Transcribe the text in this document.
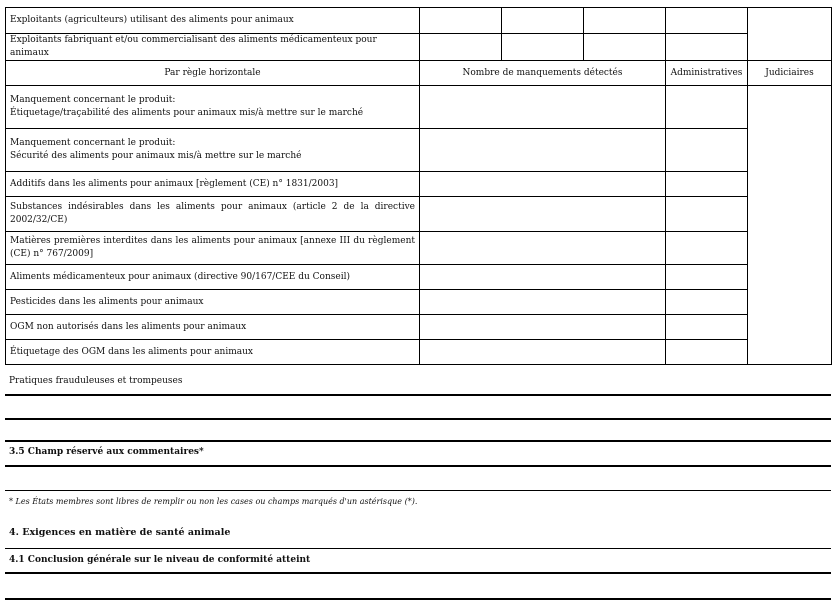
Exploitants (agriculteurs) utilisant des aliments pour animaux					
Exploitants fabriquant et/ou commercialisant des aliments médicamenteux pour animaux					
Par règle horizontale	Nombre de manquements détectés			Administratives	Judiciaires

Manquement concernant le produit:
Étiquetage/traçabilité des aliments pour animaux mis/à mettre sur le marché					

Manquement concernant le produit:
Sécurité des aliments pour animaux mis/à mettre sur le marché					

Additifs dans les aliments pour animaux [règlement (CE) n° 1831/2003]					
Substances indésirables dans les aliments pour animaux (article 2 de la directive 2002/32/CE)					
Matières premières interdites dans les aliments pour animaux [annexe III du règlement (CE) n° 767/2009]					
Aliments médicamenteux pour animaux (directive 90/167/CEE du Conseil)					
Pesticides dans les aliments pour animaux					
OGM non autorisés dans les aliments pour animaux					
Étiquetage des OGM dans les aliments pour animaux					
Pratiques frauduleuses et trompeuses
3.5 Champ réservé aux commentaires*
* Les États membres sont libres de remplir ou non les cases ou champs marqués d'un astérisque (*).
4. Exigences en matière de santé animale
4.1 Conclusion générale sur le niveau de conformité atteint
